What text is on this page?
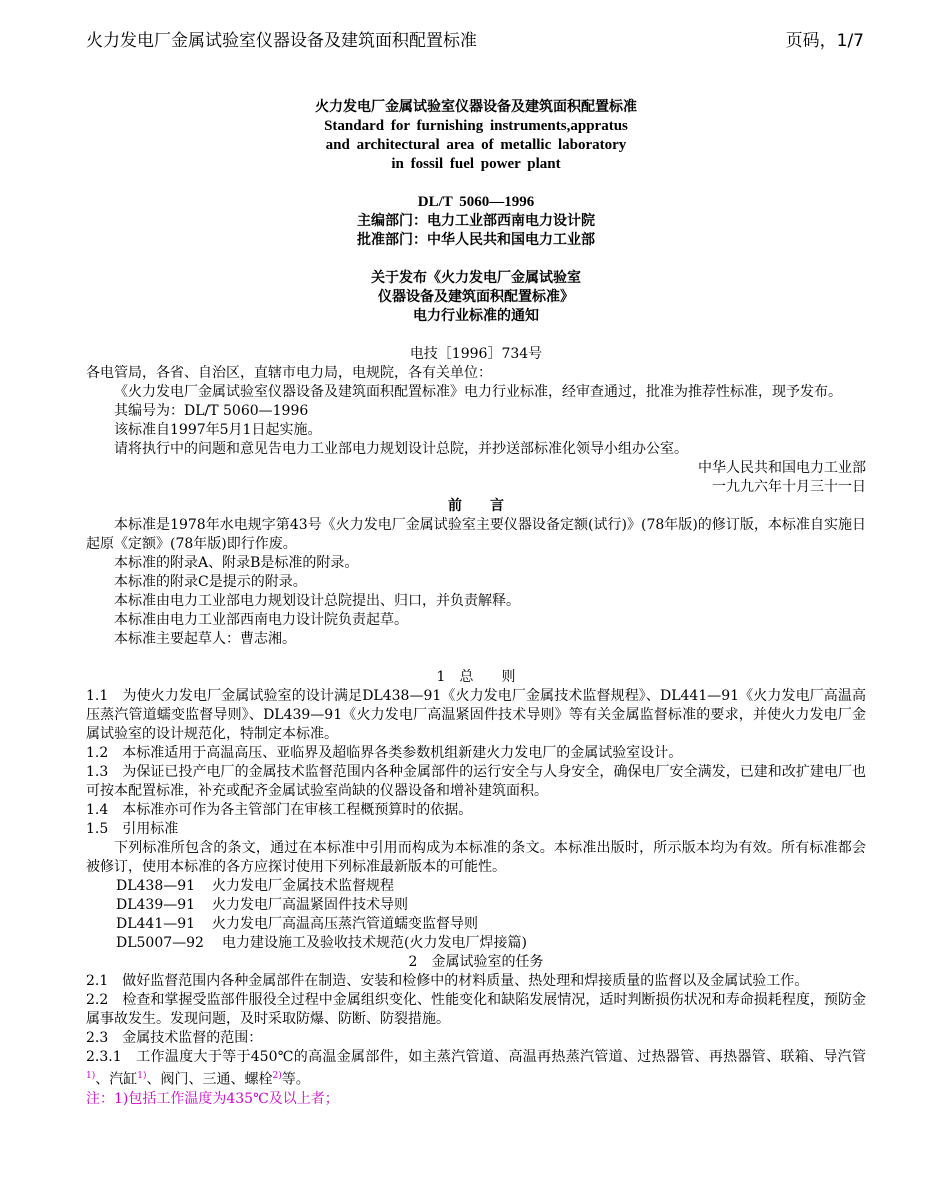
火力发电厂金属试验室仪器设备及建筑面积配置标准	页码，1/7
火力发电厂金属试验室仪器设备及建筑面积配置标准
Standard for furnishing instruments,appratus
and architectural area of metallic laboratory
in fossil fuel power plant
DL/T 5060—1996
主编部门：电力工业部西南电力设计院
批准部门：中华人民共和国电力工业部
关于发布《火力发电厂金属试验室
仪器设备及建筑面积配置标准》
电力行业标准的通知
电技［1996］734号
各电管局，各省、自治区，直辖市电力局，电规院，各有关单位：
《火力发电厂金属试验室仪器设备及建筑面积配置标准》电力行业标准，经审查通过，批准为推荐性标准，现予发布。
其编号为：DL/T 5060—1996
该标准自1997年5月1日起实施。
请将执行中的问题和意见告电力工业部电力规划设计总院，并抄送部标准化领导小组办公室。
中华人民共和国电力工业部
一九九六年十月三十一日
前　　言
本标准是1978年水电规字第43号《火力发电厂金属试验室主要仪器设备定额(试行)》(78年版)的修订版，本标准自实施日起原《定额》(78年版)即行作废。
本标准的附录A、附录B是标准的附录。
本标准的附录C是提示的附录。
本标准由电力工业部电力规划设计总院提出、归口，并负责解释。
本标准由电力工业部西南电力设计院负责起草。
本标准主要起草人：曹志湘。
1　总　　则
1.1　为使火力发电厂金属试验室的设计满足DL438—91《火力发电厂金属技术监督规程》、DL441—91《火力发电厂高温高压蒸汽管道蠕变监督导则》、DL439—91《火力发电厂高温紧固件技术导则》等有关金属监督标准的要求，并使火力发电厂金属试验室的设计规范化，特制定本标准。
1.2　本标准适用于高温高压、亚临界及超临界各类参数机组新建火力发电厂的金属试验室设计。
1.3　为保证已投产电厂的金属技术监督范围内各种金属部件的运行安全与人身安全，确保电厂安全满发，已建和改扩建电厂也可按本配置标准，补充或配齐金属试验室尚缺的仪器设备和增补建筑面积。
1.4　本标准亦可作为各主管部门在审核工程概预算时的依据。
1.5　引用标准
下列标准所包含的条文，通过在本标准中引用而构成为本标准的条文。本标准出版时，所示版本均为有效。所有标准都会被修订，使用本标准的各方应探讨使用下列标准最新版本的可能性。
DL438—91 火力发电厂金属技术监督规程
DL439—91 火力发电厂高温紧固件技术导则
DL441—91 火力发电厂高温高压蒸汽管道蠕变监督导则
DL5007—92 电力建设施工及验收技术规范(火力发电厂焊接篇)
2　金属试验室的任务
2.1　做好监督范围内各种金属部件在制造、安装和检修中的材料质量、热处理和焊接质量的监督以及金属试验工作。
2.2　检查和掌握受监部件服役全过程中金属组织变化、性能变化和缺陷发展情况，适时判断损伤状况和寿命损耗程度，预防金属事故发生。发现问题，及时采取防爆、防断、防裂措施。
2.3　金属技术监督的范围：
2.3.1　工作温度大于等于450℃的高温金属部件，如主蒸汽管道、高温再热蒸汽管道、过热器管、再热器管、联箱、导汽管$^{1)}$、汽缸$^{1)}$、阀门、三通、螺栓$^{2)}$等。
注：1)包括工作温度为435℃及以上者；
